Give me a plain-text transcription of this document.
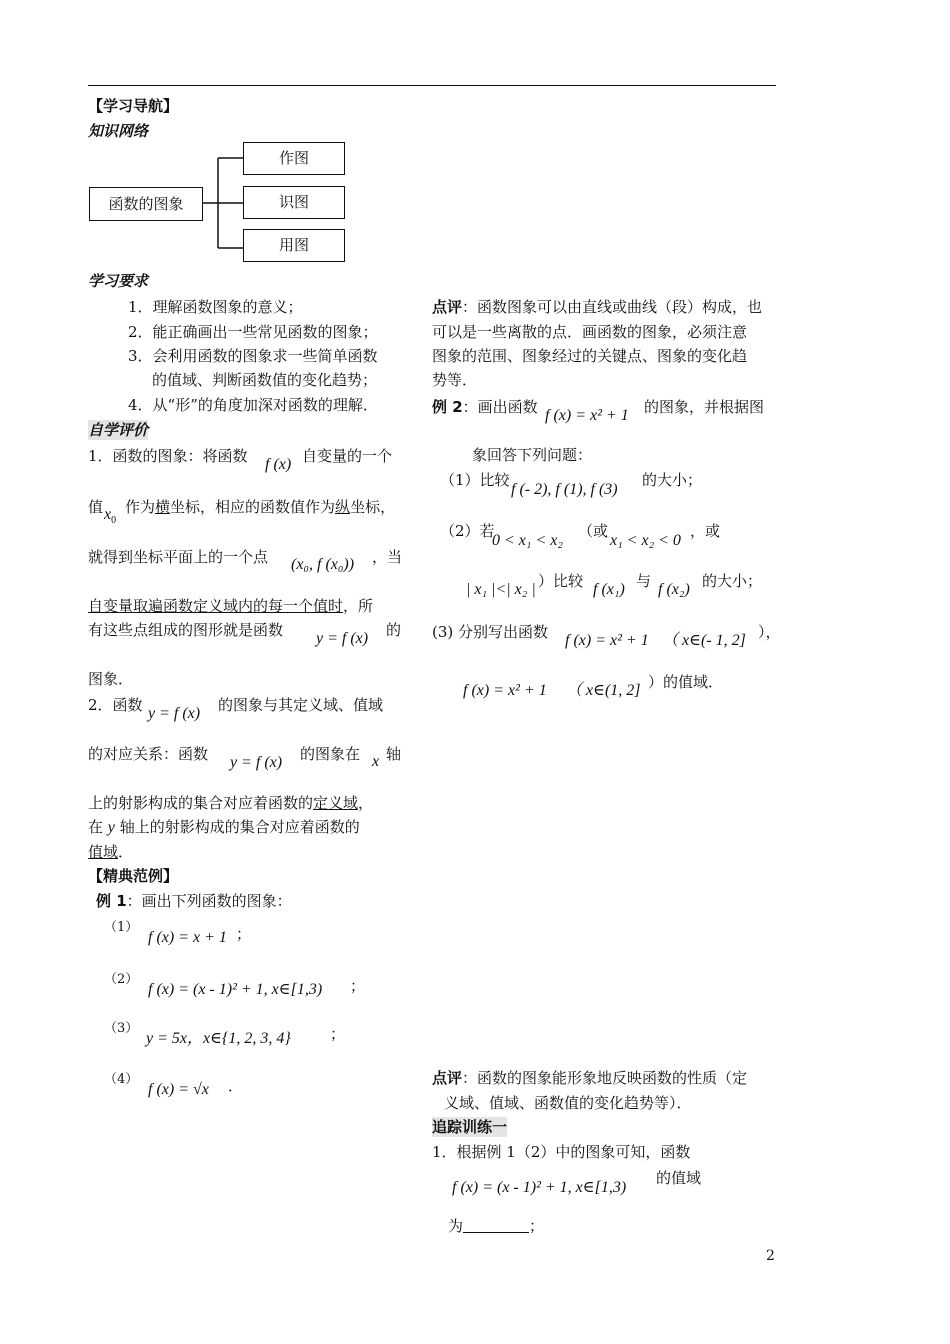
【学习导航】
知识网络
函数的图象
作图
识图
用图
学习要求
1．理解函数图象的意义；
2．能正确画出一些常见函数的图象；
3．会利用函数的图象求一些简单函数
的值域、判断函数值的变化趋势；
4．从“形”的角度加深对函数的理解．
自学评价
1．函数的图象：将函数 f (x) 自变量的一个
值 $x_0$
作为横坐标，相应的函数值作为纵坐标，
就得到坐标平面上的一个点 (x₀, f (x₀)) ，当
自变量取遍函数定义域内的每一个值时，所
有这些点组成的图形就是函数 y = f (x) 的
图象．
2．函数 y = f (x) 的图象与其定义域、值域
的对应关系：函数 y = f (x) 的图象在 x 轴
上的射影构成的集合对应着函数的定义域，
在 y 轴上的射影构成的集合对应着函数的
值域．
【精典范例】
例 1：画出下列函数的图象：
（1）
f (x) = x + 1 ；
（2）
f (x) = (x - 1)² + 1, x∈[1,3) ；
（3）
y = 5x，x∈{1, 2, 3, 4}	；
（4）
f (x) = √x ．
点评：函数图象可以由直线或曲线（段）构成，也
可以是一些离散的点．画函数的图象，必须注意
图象的范围、图象经过的关键点、图象的变化趋
势等．
例 2：画出函数 f (x) = x² + 1 的图象，并根据图
象回答下列问题：
（1）比较
f (- 2), f (1), f (3)
的大小；
（2）若
0 < x₁ < x₂
（或
x₁ < x₂ < 0
，或
| x₁ |<| x₂ | ）比较 f (x₁) 与 f (x₂) 的大小；
(3) 分别写出函数 f (x) = x² + 1 （ x∈(- 1, 2] ），
f (x) = x² + 1 （ x∈(1, 2] ）的值域．
点评：函数的图象能形象地反映函数的性质（定
义域、值域、函数值的变化趋势等）．
追踪训练一
1．根据例 1（2）中的图象可知，函数
f (x) = (x - 1)² + 1, x∈[1,3)
的值域
为	；
2
